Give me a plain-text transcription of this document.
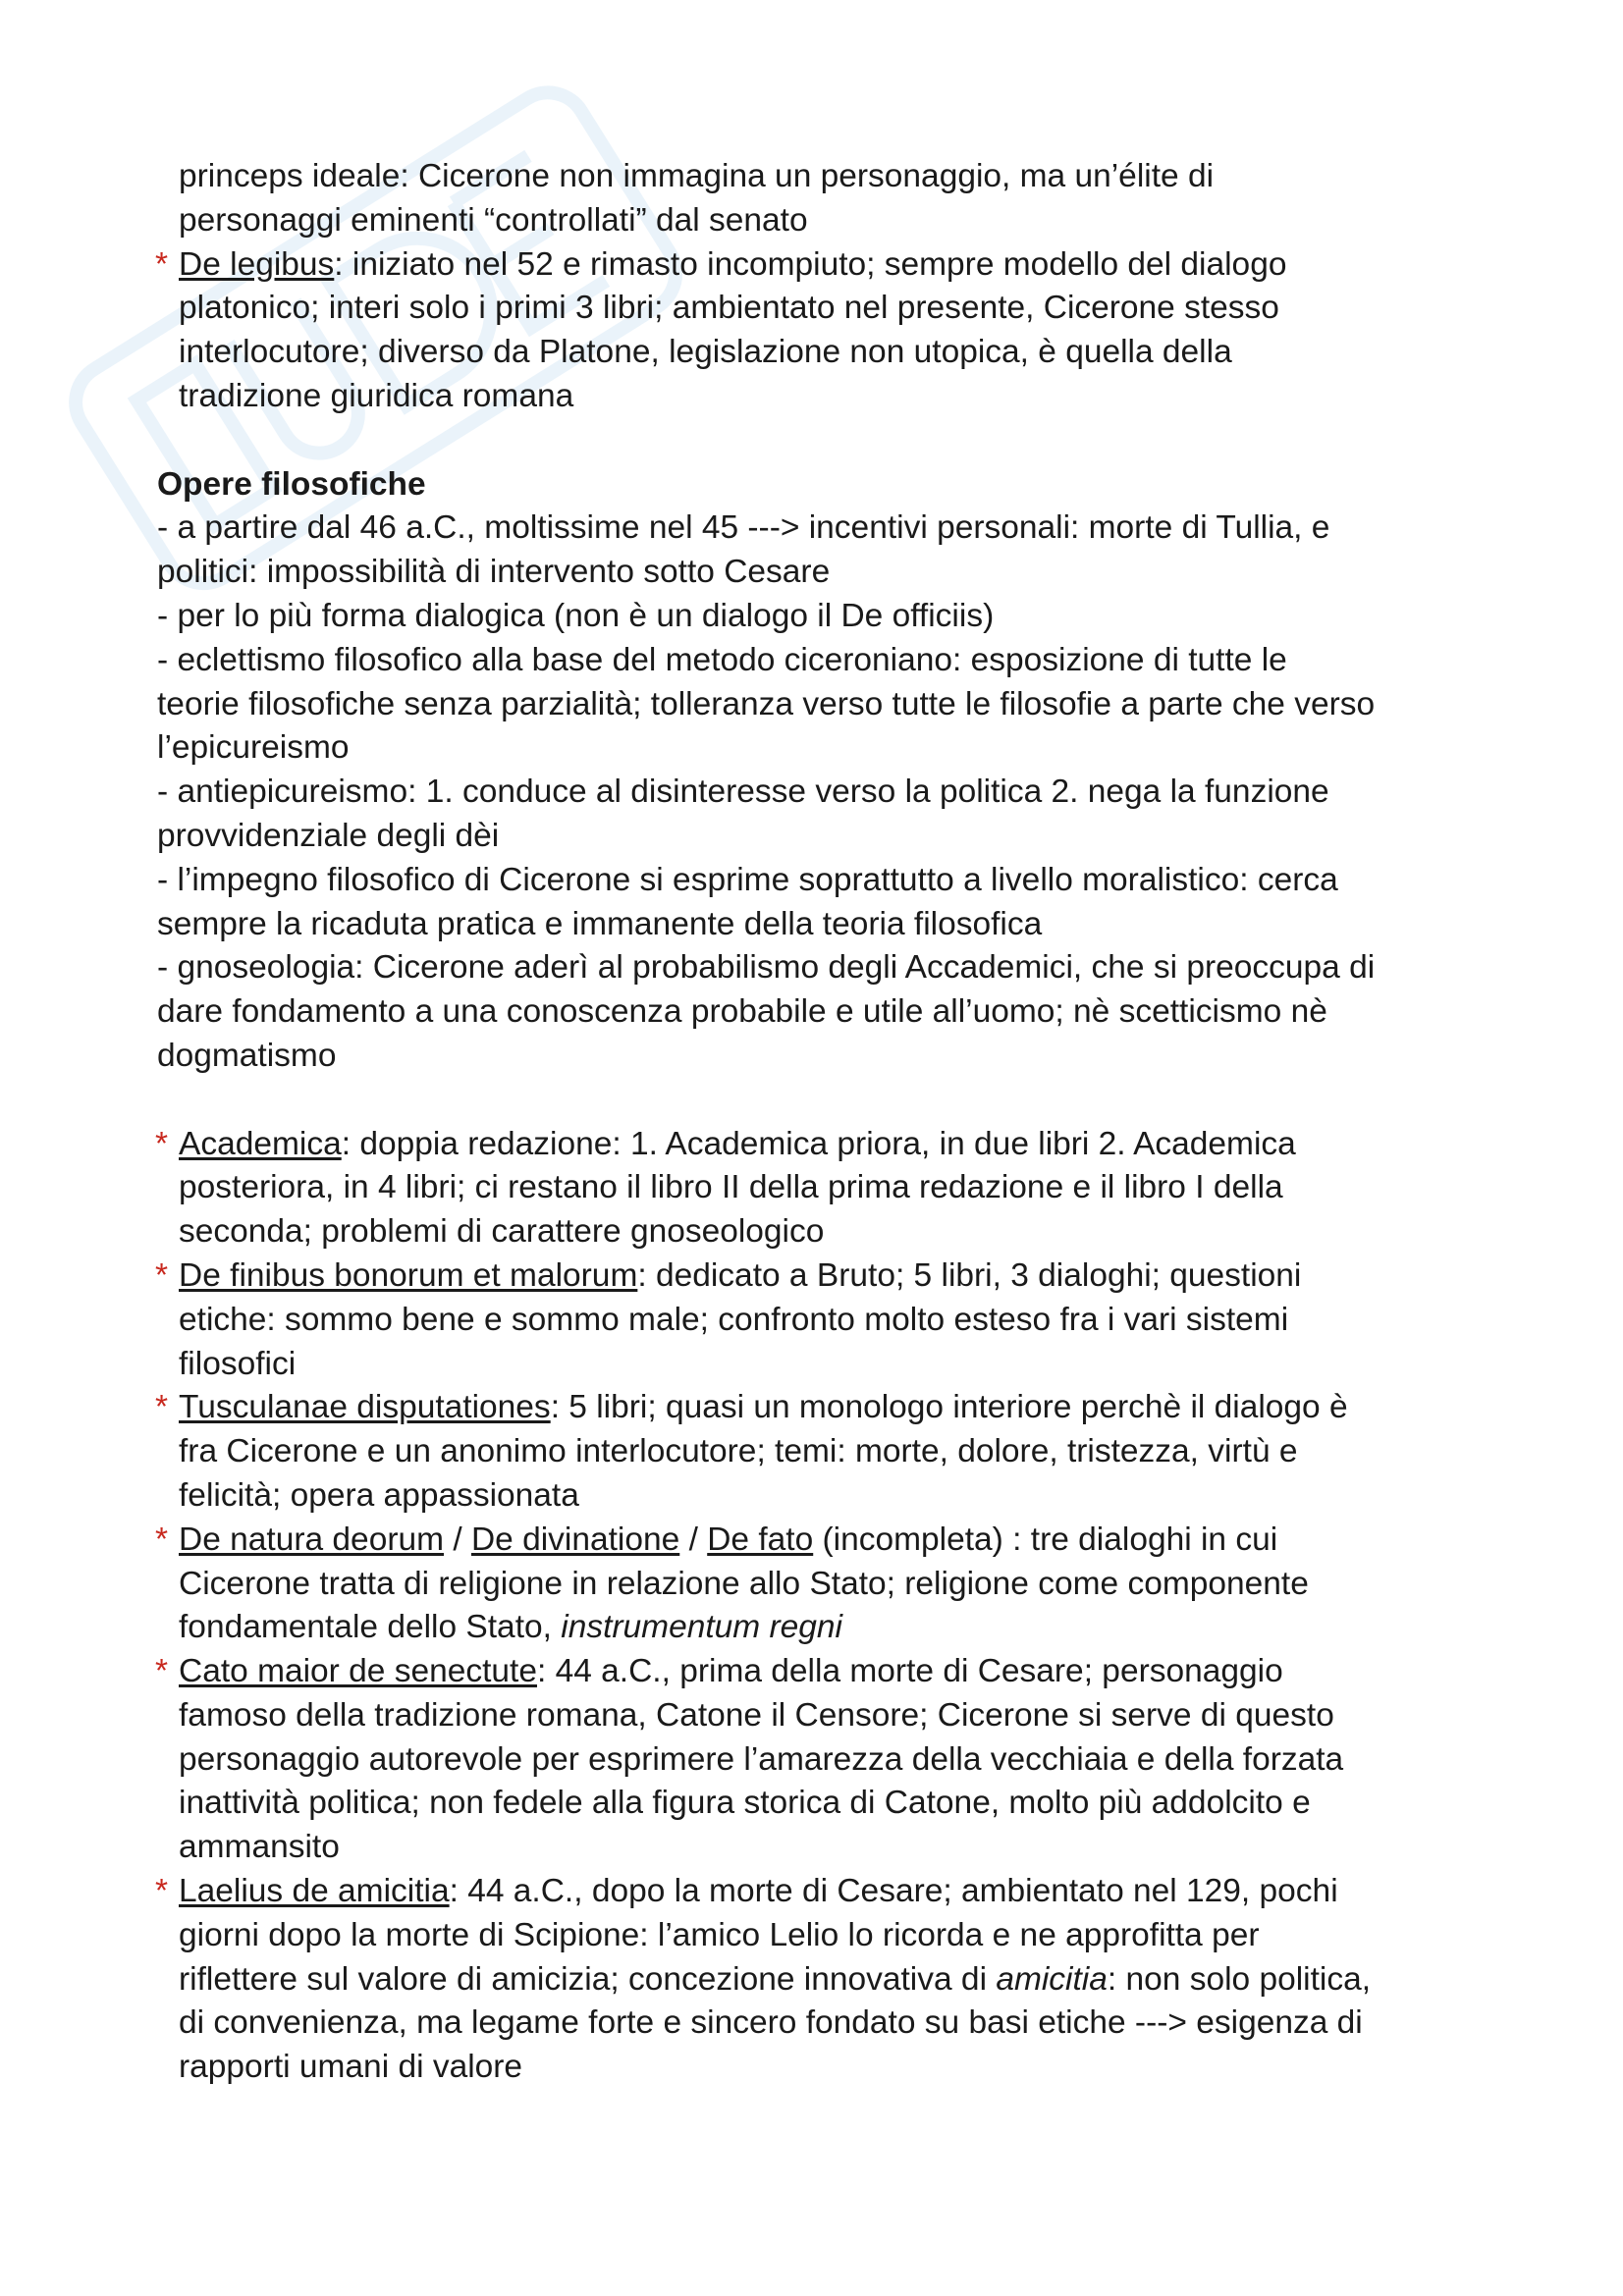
princeps ideale: Cicerone non immagina un personaggio, ma un’élite di
personaggi eminenti “controllati” dal senato
* De legibus: iniziato nel 52 e rimasto incompiuto; sempre modello del dialogo
platonico; interi solo i primi 3 libri; ambientato nel presente, Cicerone stesso
interlocutore; diverso da Platone, legislazione non utopica, è quella della
tradizione giuridica romana
Opere filosofiche
- a partire dal 46 a.C., moltissime nel 45 ---> incentivi personali: morte di Tullia, e
politici: impossibilità di intervento sotto Cesare
- per lo più forma dialogica (non è un dialogo il De officiis)
- eclettismo filosofico alla base del metodo ciceroniano: esposizione di tutte le
teorie filosofiche senza parzialità; tolleranza verso tutte le filosofie a parte che verso
l’epicureismo
- antiepicureismo: 1. conduce al disinteresse verso la politica 2. nega la funzione
provvidenziale degli dèi
- l’impegno filosofico di Cicerone si esprime soprattutto a livello moralistico: cerca
sempre la ricaduta pratica e immanente della teoria filosofica
- gnoseologia: Cicerone aderì al probabilismo degli Accademici, che si preoccupa di
dare fondamento a una conoscenza probabile e utile all’uomo; nè scetticismo nè
dogmatismo
* Academica: doppia redazione: 1. Academica priora, in due libri 2. Academica
posteriora, in 4 libri; ci restano il libro II della prima redazione e il libro I della
seconda; problemi di carattere gnoseologico
* De finibus bonorum et malorum: dedicato a Bruto; 5 libri, 3 dialoghi; questioni
etiche: sommo bene e sommo male; confronto molto esteso fra i vari sistemi
filosofici
* Tusculanae disputationes: 5 libri; quasi un monologo interiore perchè il dialogo è
fra Cicerone e un anonimo interlocutore; temi: morte, dolore, tristezza, virtù e
felicità; opera appassionata
* De natura deorum / De divinatione / De fato (incompleta) : tre dialoghi in cui
Cicerone tratta di religione in relazione allo Stato; religione come componente
fondamentale dello Stato, instrumentum regni
* Cato maior de senectute: 44 a.C., prima della morte di Cesare; personaggio
famoso della tradizione romana, Catone il Censore; Cicerone si serve di questo
personaggio autorevole per esprimere l’amarezza della vecchiaia e della forzata
inattività politica; non fedele alla figura storica di Catone, molto più addolcito e
ammansito
* Laelius de amicitia: 44 a.C., dopo la morte di Cesare; ambientato nel 129, pochi
giorni dopo la morte di Scipione: l’amico Lelio lo ricorda e ne approfitta per
riflettere sul valore di amicizia; concezione innovativa di amicitia: non solo politica,
di convenienza, ma legame forte e sincero fondato su basi etiche ---> esigenza di
rapporti umani di valore
